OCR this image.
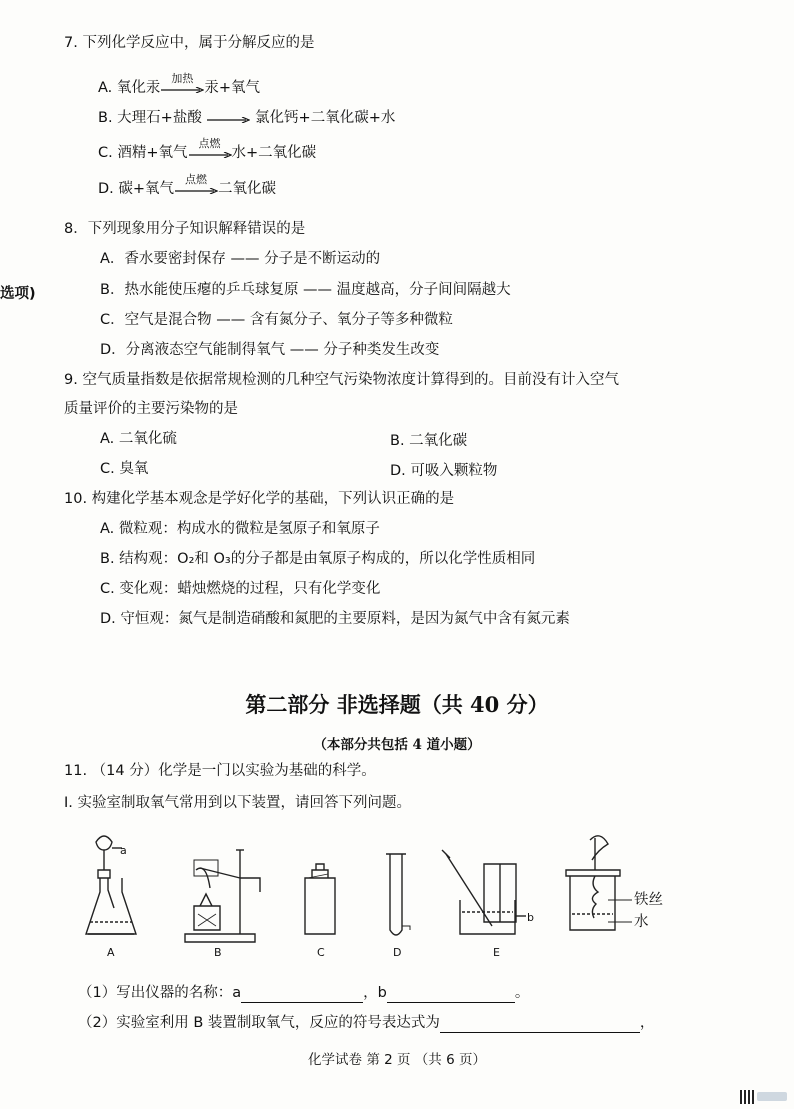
选项)
7. 下列化学反应中，属于分解反应的是
A. 氧化汞
加热
汞+氧气
B. 大理石+盐酸 → 氯化钙+二氧化碳+水
C. 酒精+氧气
点燃
水+二氧化碳
D. 碳+氧气
点燃
二氧化碳
8．下列现象用分子知识解释错误的是
A．香水要密封保存 —— 分子是不断运动的
B．热水能使压瘪的乒乓球复原 —— 温度越高，分子间间隔越大
C．空气是混合物 —— 含有氮分子、氧分子等多种微粒
D．分离液态空气能制得氧气 —— 分子种类发生改变
9. 空气质量指数是依据常规检测的几种空气污染物浓度计算得到的。目前没有计入空气
质量评价的主要污染物的是
A. 二氧化硫	B. 二氧化碳
C. 臭氧	D. 可吸入颗粒物
10. 构建化学基本观念是学好化学的基础，下列认识正确的是
A. 微粒观：构成水的微粒是氢原子和氧原子
B. 结构观：O₂和 O₃的分子都是由氧原子构成的，所以化学性质相同
C. 变化观：蜡烛燃烧的过程，只有化学变化
D. 守恒观：氮气是制造硝酸和氮肥的主要原料，是因为氮气中含有氮元素
第二部分 非选择题（共 40 分）
（本部分共包括 4 道小题）
11. （14 分）化学是一门以实验为基础的科学。
Ⅰ. 实验室制取氧气常用到以下装置，请回答下列问题。
a
b
铁丝
水
A	B	C	D	E
（1）写出仪器的名称：a	，b	。
（2）实验室利用 B 装置制取氧气，反应的符号表达式为	，
化学试卷 第 2 页 （共 6 页）
